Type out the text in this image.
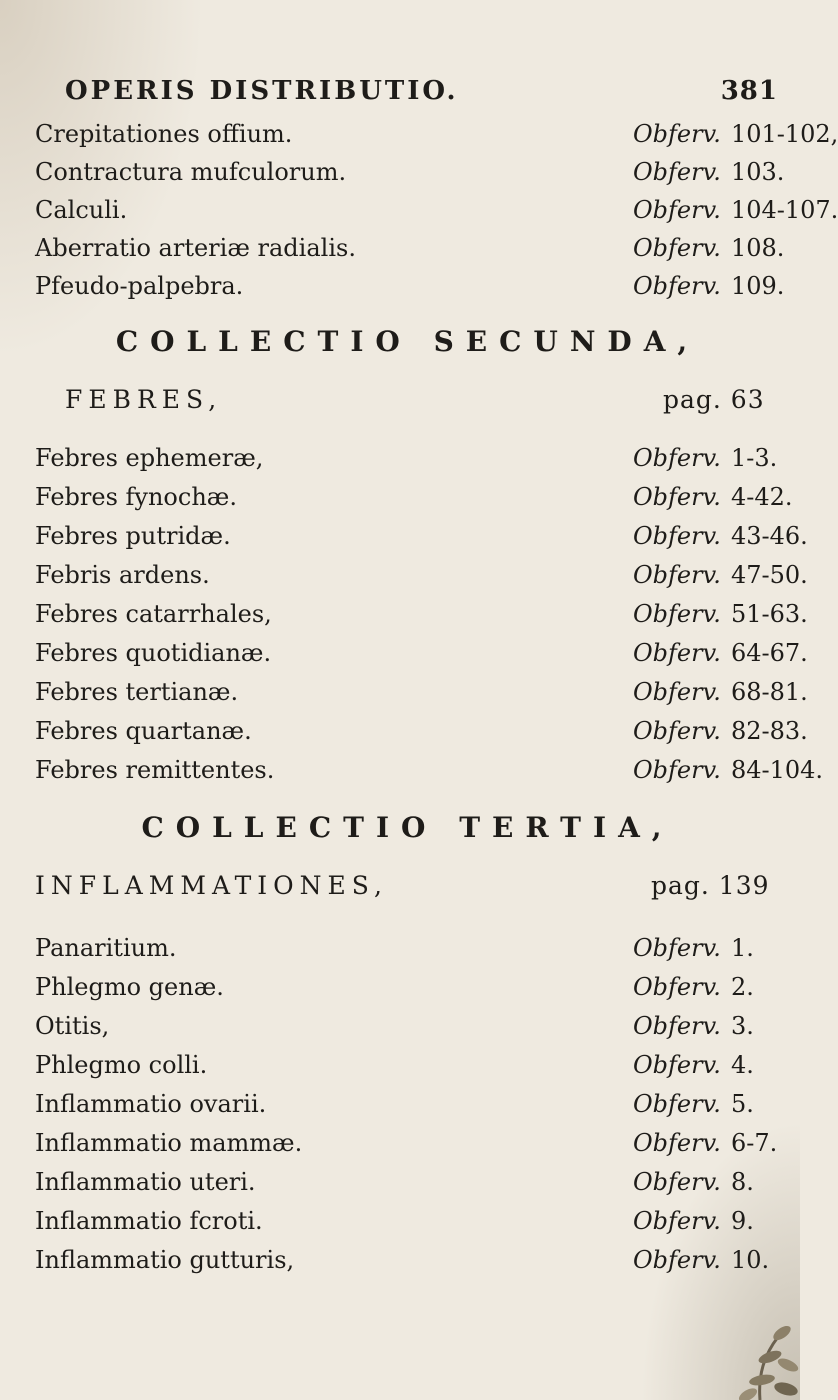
OPERIS DISTRIBUTIO.	381
Crepitationes offium.	Obferv. 101-102,
Contractura mufculorum.	Obferv. 103.
Calculi.	Obferv. 104-107.
Aberratio arteriæ radialis.	Obferv. 108.
Pfeudo-palpebra.	Obferv. 109.
COLLECTIO SECUNDA,
FEBRES,	pag. 63
Febres ephemeræ,	Obferv. 1-3.
Febres fynochæ.	Obferv. 4-42.
Febres putridæ.	Obferv. 43-46.
Febris ardens.	Obferv. 47-50.
Febres catarrhales,	Obferv. 51-63.
Febres quotidianæ.	Obferv. 64-67.
Febres tertianæ.	Obferv. 68-81.
Febres quartanæ.	Obferv. 82-83.
Febres remittentes.	Obferv. 84-104.
COLLECTIO TERTIA,
INFLAMMATIONES,	pag. 139
Panaritium.	Obferv. 1.
Phlegmo genæ.	Obferv. 2.
Otitis,	Obferv. 3.
Phlegmo colli.	Obferv. 4.
Inflammatio ovarii.	Obferv. 5.
Inflammatio mammæ.	Obferv. 6-7.
Inflammatio uteri.	Obferv. 8.
Inflammatio fcroti.	Obferv. 9.
Inflammatio gutturis,	Obferv. 10.
